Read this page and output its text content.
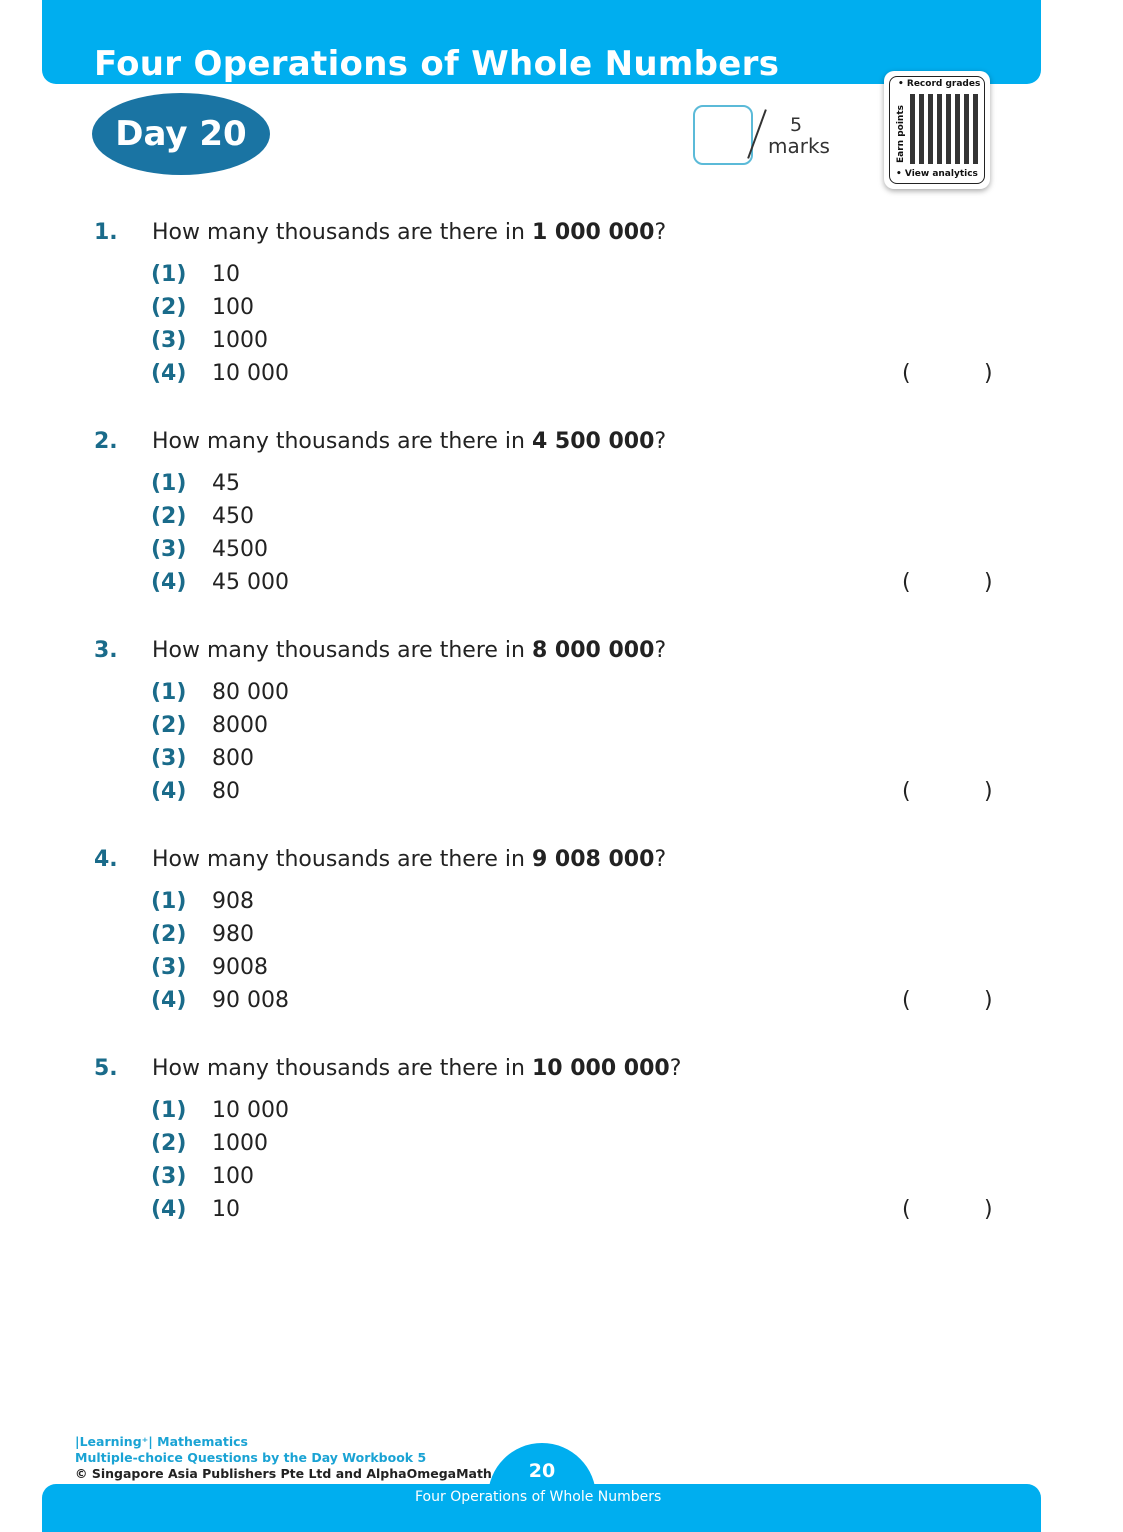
Four Operations of Whole Numbers
Day 20	5
marks
• Record grades
Earn points
• View analytics
1. How many thousands are there in 1 000 000?
(1) 10
(2) 100
(3) 1000
(4) 10 000	(	)
2. How many thousands are there in 4 500 000?
(1) 45
(2) 450
(3) 4500
(4) 45 000	(	)
3. How many thousands are there in 8 000 000?
(1) 80 000
(2) 8000
(3) 800
(4) 80	(	)
4. How many thousands are there in 9 008 000?
(1) 908
(2) 980
(3) 9008
(4) 90 008	(	)
5. How many thousands are there in 10 000 000?
(1) 10 000
(2) 1000
(3) 100
(4) 10	(	)
20
Four Operations of Whole Numbers
|Learning⁺| Mathematics
Multiple-choice Questions by the Day Workbook 5
© Singapore Asia Publishers Pte Ltd and AlphaOmegaMath
